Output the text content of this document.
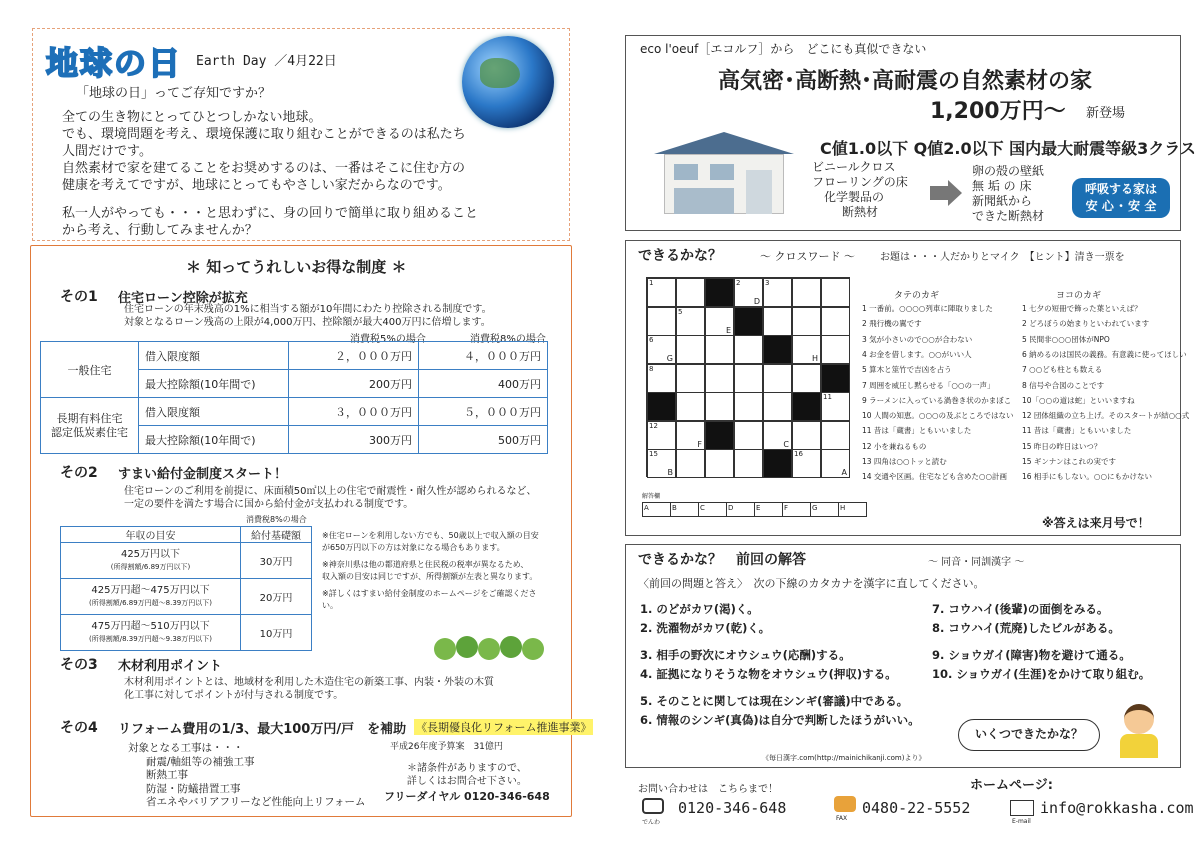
地球の日 Earth Day ／4月22日
「地球の日」ってご存知ですか？
全ての生き物にとってひとつしかない地球。
でも、環境問題を考え、環境保護に取り組むことができるのは私たち
人間だけです。
自然素材で家を建てることをお奨めするのは、一番はそこに住む方の
健康を考えてですが、地球にとってもやさしい家だからなのです。
私一人がやっても・・・と思わずに、身の回りで簡単に取り組めること
から考え、行動してみませんか？
＊ 知ってうれしいお得な制度 ＊
その1 住宅ローン控除が拡充
住宅ローンの年末残高の1%に相当する額が10年間にわたり控除される制度です。
対象となるローン残高の上限が4,000万円、控除額が最大400万円に倍増します。
消費税5%の場合	消費税8%の場合
一般住宅	借入限度額	２，０００万円	４，０００万円
	最大控除額(10年間で)	200万円	400万円
長期有料住宅
認定低炭素住宅	借入限度額	３，０００万円	５，０００万円
	最大控除額(10年間で)	300万円	500万円
その2 すまい給付金制度スタート！
住宅ローンのご利用を前提に、床面積50㎡以上の住宅で耐震性・耐久性が認められるなど、
一定の要件を満たす場合に国から給付金が支払われる制度です。
消費税8%の場合
年収の目安	給付基礎額

425万円以下
(所得割額/6.89万円以下)	30万円

425万円超～475万円以下
(所得割額/6.89万円超～8.39万円以下)	20万円

475万円超～510万円以下
(所得割額/8.39万円超～9.38万円以下)	10万円
※住宅ローンを利用しない方でも、50歳以上で収入額の目安
が650万円以下の方は対象になる場合もあります。
※神奈川県は他の都道府県と住民税の税率が異なるため、
収入額の目安は同じですが、所得割額が左表と異なります。
※詳しくはすまい給付金制度のホームページをご確認くださ
い。
その3 木材利用ポイント
木材利用ポイントとは、地域材を利用した木造住宅の新築工事、内装・外装の木質
化工事に対してポイントが付与される制度です。
その4 リフォーム費用の1/3、最大100万円/戸　を補助 《長期優良化リフォーム推進事業》
平成26年度予算案　31億円
対象となる工事は・・・
耐震/軸組等の補強工事
断熱工事
防湿・防蟻措置工事
省エネやバリアフリーなど性能向上リフォーム
＊諸条件がありますので、
詳しくはお問合せ下さい。
フリーダイヤル 0120-346-648
eco l'oeuf［エコルフ］から　どこにも真似できない
高気密･高断熱･高耐震の自然素材の家
1,200万円～ 新登場
C値1.0以下 Q値2.0以下 国内最大耐震等級3クラス
ビニールクロス
フローリングの床
化学製品の
断熱材
卵の殻の壁紙
無 垢 の 床
新聞紙から
できた断熱材
呼吸する家は
安 心 ･ 安 全
できるかな？	～ クロスワード ～	お題は・・・人だかりとマイク　【ヒント】清き一票を
1	2
D
3
5
E
6
G	H
8
11
12
F	C
15
B
16
A
タテのカギ	ヨコのカギ
1 一番前。○○○○列車に陣取りました
2 飛行機の翼です
3 気が小さいので○○が合わない
4 お金を借します。○○がいい人
5 算木と筮竹で吉凶を占う
7 周囲を威圧し黙らせる「○○の一声」
9 ラーメンに入っている渦巻き状のかまぼこ
10 人間の知恵。○○○の及ぶところではない
11 昔は「蔵書」ともいいました
12 小を兼ねるもの
13 四角は○○トッと読む
14 交通や区画。住宅なども含めた○○計画
1 七夕の短冊で飾った葉といえば？
2 どろぼうの始まりといわれています
5 民間非○○○団体がNPO
6 納めるのは国民の義務。有意義に使ってほしい
7 ○○ども柱とも数える
8 信号や合図のことです
10「○○の道は蛇」といいますね
12 団体組織の立ち上げ。そのスタートが結○○式
11 昔は「蔵書」ともいいました
15 昨日の昨日はいつ？
15 ギンナンはこれの実です
16 相手にもしない。○○にもかけない
解答欄
A	B	C	D	E	F	G	H
※答えは来月号で！
できるかな？　前回の解答	～ 同音・同訓漢字 ～
〈前回の問題と答え〉　次の下線のカタカナを漢字に直してください。
1. のどがカワ(渇)く。
2. 洗濯物がカワ(乾)く。
3. 相手の野次にオウシュウ(応酬)する。
4. 証拠になりそうな物をオウシュウ(押収)する。
5. そのことに関しては現在シンギ(審議)中である。
6. 情報のシンギ(真偽)は自分で判断したほうがいい。
7. コウハイ(後輩)の面倒をみる。
8. コウハイ(荒廃)したビルがある。
9. ショウガイ(障害)物を避けて通る。
10. ショウガイ(生涯)をかけて取り組む。
いくつできたかな？
《毎日漢字.com(http://mainichikanji.com)より》
お問い合わせは　こちらまで！	ホームページ:
でんわ
0120-346-648
FAX
0480-22-5552
E-mail
info@rokkasha.com
